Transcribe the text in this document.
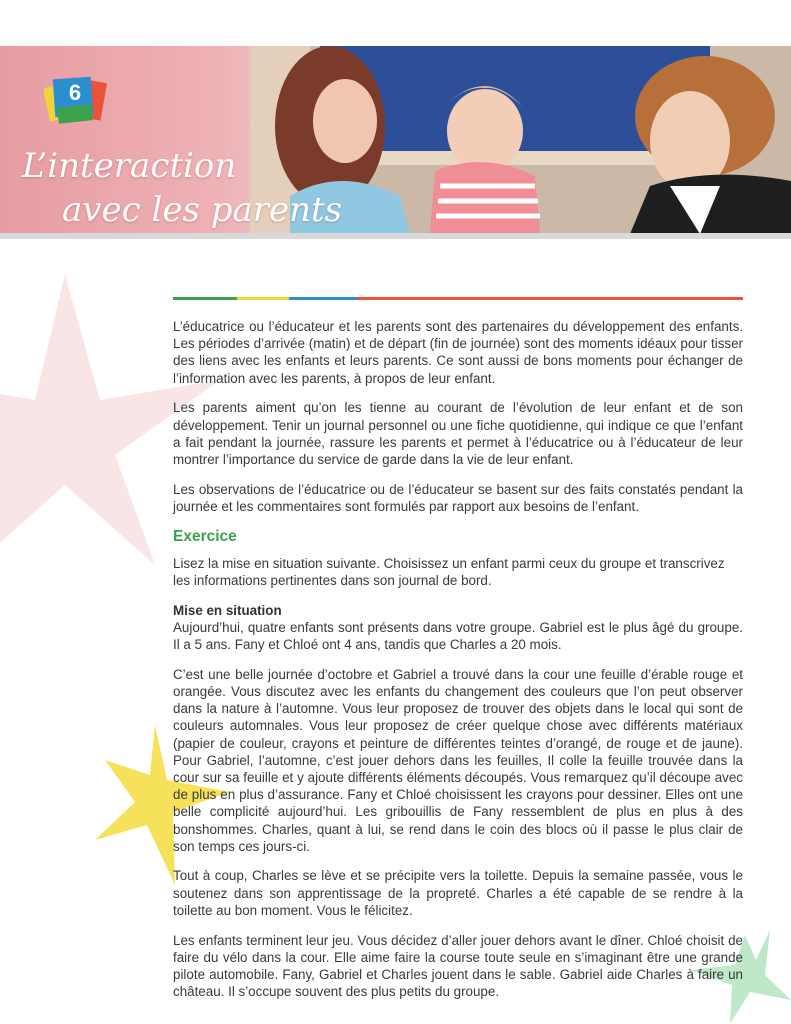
6
L’interaction
avec les parents

L’éducatrice ou l’éducateur et les parents sont des partenaires du développement des enfants. Les périodes d’arrivée (matin) et de départ (fin de journée) sont des moments idéaux pour tisser des liens avec les enfants et leurs parents. Ce sont aussi de bons moments pour échanger de l’information avec les parents, à propos de leur enfant.

Les parents aiment qu’on les tienne au courant de l’évolution de leur enfant et de son développement. Tenir un journal personnel ou une fiche quotidienne, qui indique ce que l’enfant a fait pendant la journée, rassure les parents et permet à l’éducatrice ou à l’éducateur de leur montrer l’importance du service de garde dans la vie de leur enfant.

Les observations de l’éducatrice ou de l’éducateur se basent sur des faits constatés pendant la journée et les commentaires sont formulés par rapport aux besoins de l’enfant.

Exercice

Lisez la mise en situation suivante. Choisissez un enfant parmi ceux du groupe et transcrivez les informations pertinentes dans son journal de bord.

Mise en situation

Aujourd’hui, quatre enfants sont présents dans votre groupe. Gabriel est le plus âgé du groupe. Il a 5 ans. Fany et Chloé ont 4 ans, tandis que Charles a 20 mois.

C’est une belle journée d’octobre et Gabriel a trouvé dans la cour une feuille d’érable rouge et orangée. Vous discutez avec les enfants du changement des couleurs que l’on peut observer dans la nature à l’automne. Vous leur proposez de trouver des objets dans le local qui sont de couleurs automnales. Vous leur proposez de créer quelque chose avec différents matériaux (papier de couleur, crayons et peinture de différentes teintes d’orangé, de rouge et de jaune). Pour Gabriel, l’automne, c’est jouer dehors dans les feuilles, Il colle la feuille trouvée dans la cour sur sa feuille et y ajoute différents éléments découpés. Vous remarquez qu’il découpe avec de plus en plus d’assurance. Fany et Chloé choisissent les crayons pour dessiner. Elles ont une belle complicité aujourd’hui. Les gribouillis de Fany ressemblent de plus en plus à des bonshommes. Charles, quant à lui, se rend dans le coin des blocs où il passe le plus clair de son temps ces jours-ci.

Tout à coup, Charles se lève et se précipite vers la toilette. Depuis la semaine passée, vous le soutenez dans son apprentissage de la propreté. Charles a été capable de se rendre à la toilette au bon moment. Vous le félicitez.

Les enfants terminent leur jeu. Vous décidez d’aller jouer dehors avant le dîner. Chloé choisit de faire du vélo dans la cour. Elle aime faire la course toute seule en s’imaginant être une grande pilote automobile. Fany, Gabriel et Charles jouent dans le sable. Gabriel aide Charles à faire un château. Il s’occupe souvent des plus petits du groupe.
